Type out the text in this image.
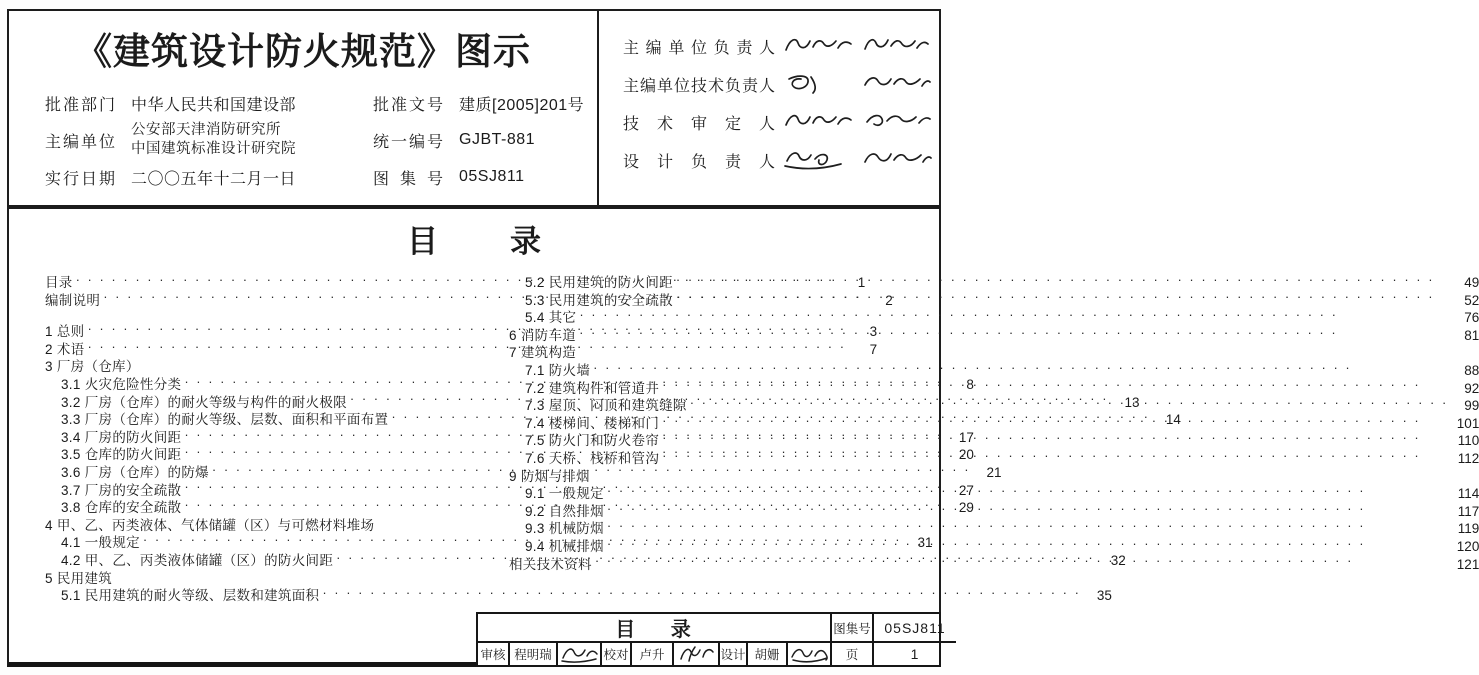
《建筑设计防火规范》图示
批准部门 中华人民共和国建设部
主编单位
公安部天津消防研究所
中国建筑标准设计研究院
实行日期 二〇〇五年十二月一日
批准文号 建质[2005]201号
统一编号 GJBT-881
图集号 05SJ811
主编单位负责人
主编单位技术负责人
技术审定人
设计负责人
目 录
目录 · · ·	1
编制说明 · · ·	2
1 总则 · · ·	3
2 术语 · · ·	7
3 厂房（仓库）
3.1 火灾危险性分类 · · ·	8
3.2 厂房（仓库）的耐火等级与构件的耐火极限 · · ·	13
3.3 厂房（仓库）的耐火等级、层数、面积和平面布置 · · ·	14
3.4 厂房的防火间距 · · ·	17
3.5 仓库的防火间距 · · ·	20
3.6 厂房（仓库）的防爆 · · ·	21
3.7 厂房的安全疏散 · · ·	27
3.8 仓库的安全疏散 · · ·	29
4 甲、乙、丙类液体、气体储罐（区）与可燃材料堆场
4.1 一般规定 · · ·	31
4.2 甲、乙、丙类液体储罐（区）的防火间距 · · ·	32
5 民用建筑
5.1 民用建筑的耐火等级、层数和建筑面积 · · ·	35
5.2 民用建筑的防火间距 · · ·	49
5.3 民用建筑的安全疏散 · · ·	52
5.4 其它 · · ·	76
6 消防车道 · · ·	81
7 建筑构造
7.1 防火墙 · · ·	88
7.2 建筑构件和管道井 · · ·	92
7.3 屋顶、闷顶和建筑缝隙 · · ·	99
7.4 楼梯间、楼梯和门 · · ·	101
7.5 防火门和防火卷帘 · · ·	110
7.6 天桥、栈桥和管沟 · · ·	112
9 防烟与排烟
9.1 一般规定 · · ·	114
9.2 自然排烟 · · ·	117
9.3 机械防烟 · · ·	119
9.4 机械排烟 · · ·	120
相关技术资料 · · ·	121
目 录	图集号 05SJ811
审核 程明瑞	校对 卢升	设计 胡姗	页	1
